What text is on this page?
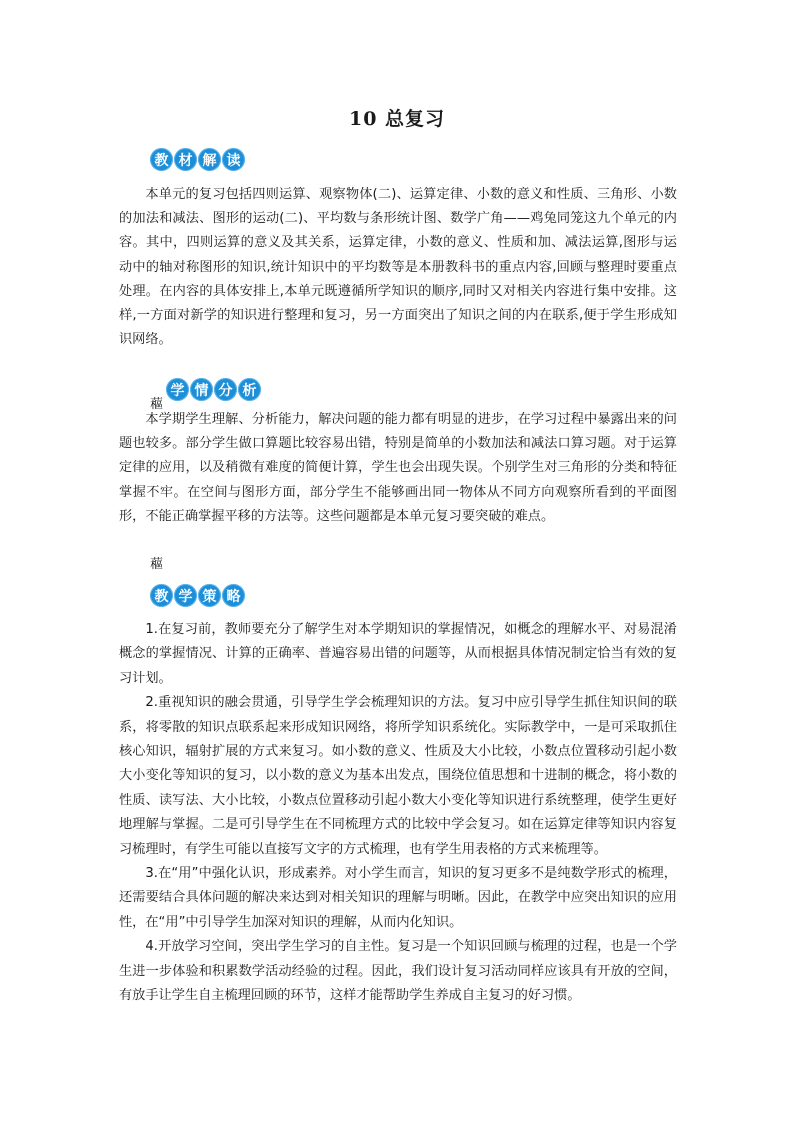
10 总复习
教 材 解 读

本单元的复习包括四则运算、观察物体(二)、运算定律、小数的意义和性质、三角形、小数的加法和减法、图形的运动(二)、平均数与条形统计图、数学广角——鸡兔同笼这九个单元的内容。其中，四则运算的意义及其关系，运算定律，小数的意义、性质和加、减法运算,图形与运动中的轴对称图形的知识,统计知识中的平均数等是本册教科书的重点内容,回顾与整理时要重点处理。在内容的具体安排上,本单元既遵循所学知识的顺序,同时又对相关内容进行集中安排。这样,一方面对新学的知识进行整理和复习，另一方面突出了知识之间的内在联系,便于学生形成知识网络。

藲
学 情 分 析

本学期学生理解、分析能力，解决问题的能力都有明显的进步，在学习过程中暴露出来的问题也较多。部分学生做口算题比较容易出错，特别是简单的小数加法和减法口算习题。对于运算定律的应用，以及稍微有难度的简便计算，学生也会出现失误。个别学生对三角形的分类和特征掌握不牢。在空间与图形方面，部分学生不能够画出同一物体从不同方向观察所看到的平面图形，不能正确掌握平移的方法等。这些问题都是本单元复习要突破的难点。

藲
教 学 策 略

1.在复习前，教师要充分了解学生对本学期知识的掌握情况，如概念的理解水平、对易混淆概念的掌握情况、计算的正确率、普遍容易出错的问题等，从而根据具体情况制定恰当有效的复习计划。

2.重视知识的融会贯通，引导学生学会梳理知识的方法。复习中应引导学生抓住知识间的联系，将零散的知识点联系起来形成知识网络，将所学知识系统化。实际教学中，一是可采取抓住核心知识，辐射扩展的方式来复习。如小数的意义、性质及大小比较，小数点位置移动引起小数大小变化等知识的复习，以小数的意义为基本出发点，围绕位值思想和十进制的概念，将小数的性质、读写法、大小比较，小数点位置移动引起小数大小变化等知识进行系统整理，使学生更好地理解与掌握。二是可引导学生在不同梳理方式的比较中学会复习。如在运算定律等知识内容复习梳理时，有学生可能以直接写文字的方式梳理，也有学生用表格的方式来梳理等。

3.在“用”中强化认识，形成素养。对小学生而言，知识的复习更多不是纯数学形式的梳理，还需要结合具体问题的解决来达到对相关知识的理解与明晰。因此，在教学中应突出知识的应用性，在“用”中引导学生加深对知识的理解，从而内化知识。

4.开放学习空间，突出学生学习的自主性。复习是一个知识回顾与梳理的过程，也是一个学生进一步体验和积累数学活动经验的过程。因此，我们设计复习活动同样应该具有开放的空间，有放手让学生自主梳理回顾的环节，这样才能帮助学生养成自主复习的好习惯。
